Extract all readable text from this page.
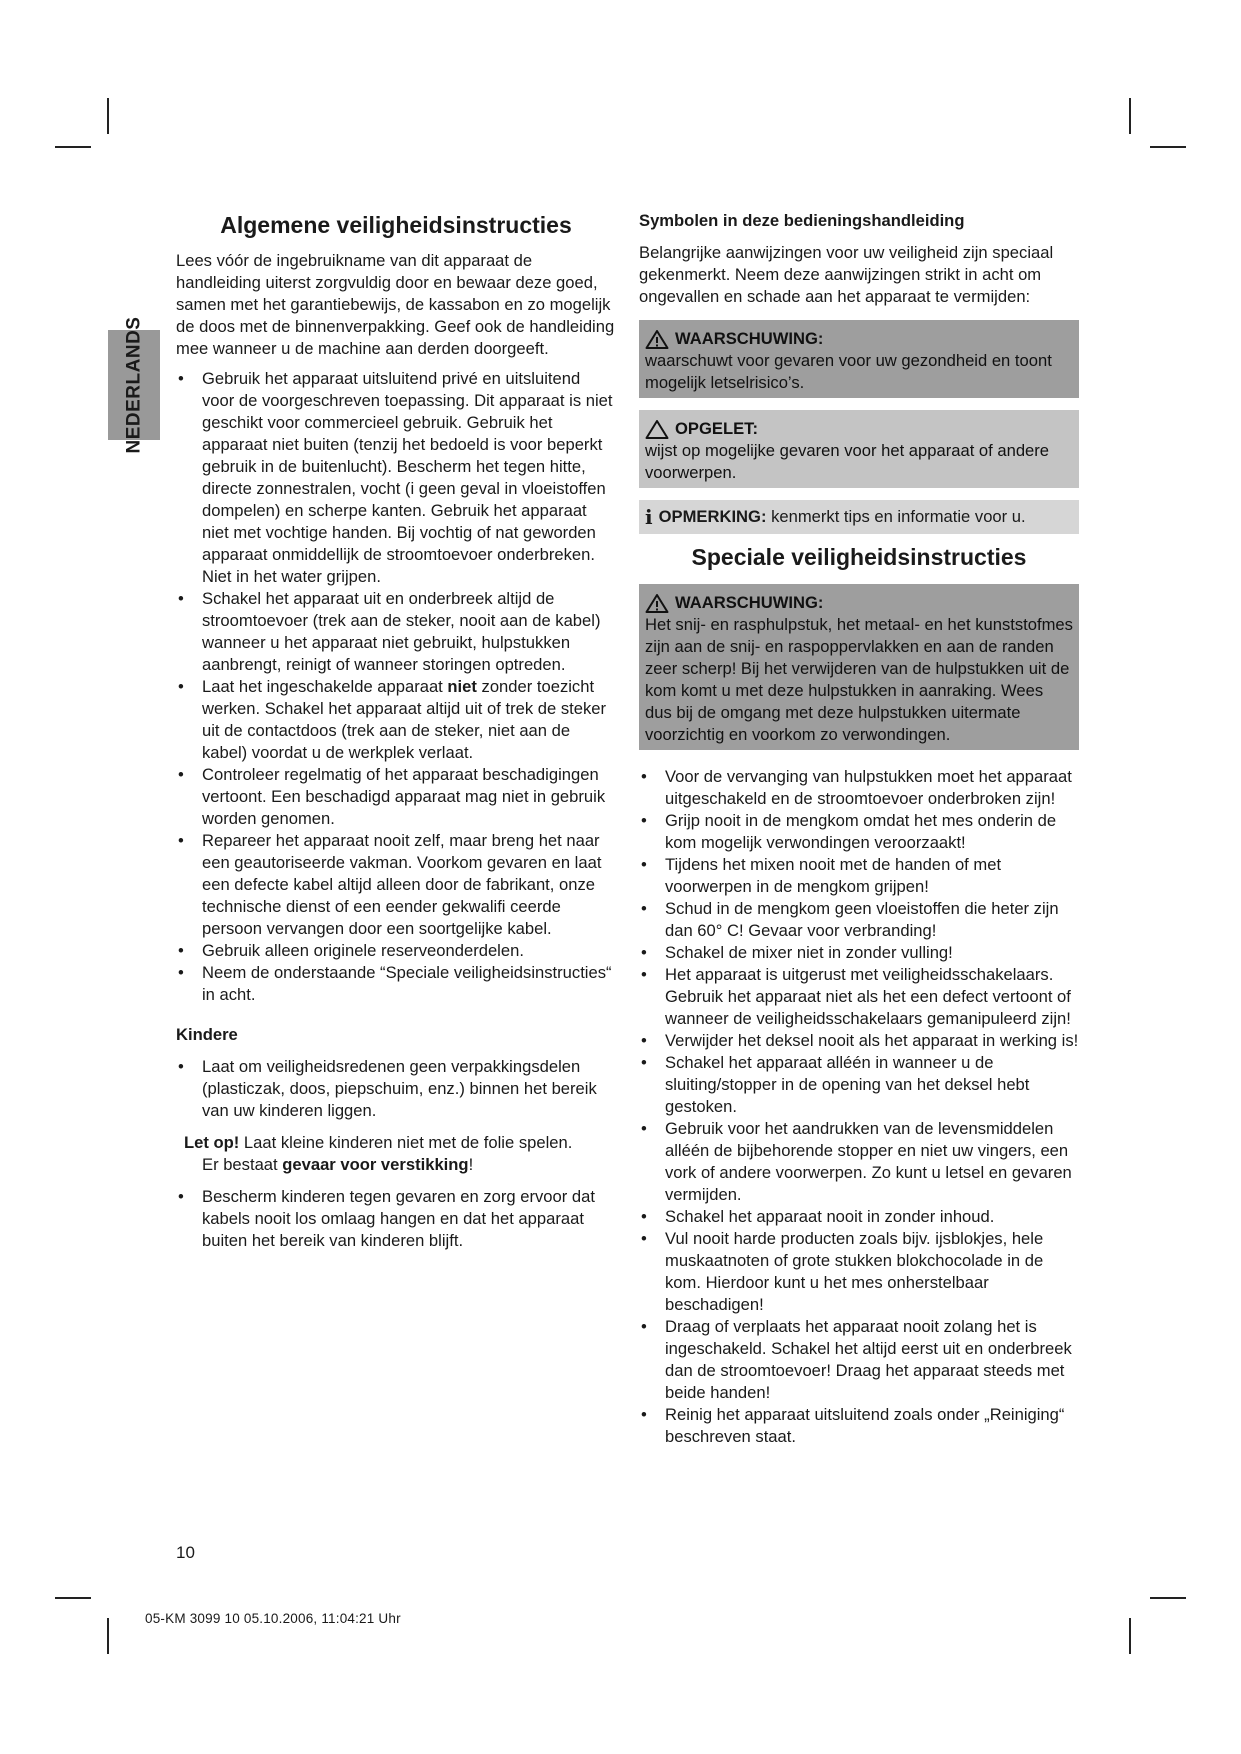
NEDERLANDS
Algemene veiligheidsinstructies

Lees vóór de ingebruikname van dit apparaat de handleiding uiterst zorgvuldig door en bewaar deze goed, samen met het garantiebewijs, de kassabon en zo mogelijk de doos met de binnenverpakking. Geef ook de handleiding mee wanneer u de machine aan derden doorgeeft.

• Gebruik het apparaat uitsluitend privé en uitsluitend voor de voorgeschreven toepassing. Dit apparaat is niet geschikt voor commercieel gebruik. Gebruik het apparaat niet buiten (tenzij het bedoeld is voor beperkt gebruik in de buitenlucht). Bescherm het tegen hitte, directe zonnestralen, vocht (i geen geval in vloeistoffen dompelen) en scherpe kanten. Gebruik het apparaat niet met vochtige handen. Bij vochtig of nat geworden apparaat onmiddellijk de stroomtoevoer onderbreken. Niet in het water grijpen.
• Schakel het apparaat uit en onderbreek altijd de stroomtoevoer (trek aan de steker, nooit aan de kabel) wanneer u het apparaat niet gebruikt, hulpstukken aanbrengt, reinigt of wanneer storingen optreden.
• Laat het ingeschakelde apparaat niet zonder toezicht werken. Schakel het apparaat altijd uit of trek de steker uit de contactdoos (trek aan de steker, niet aan de kabel) voordat u de werkplek verlaat.
• Controleer regelmatig of het apparaat beschadigingen vertoont. Een beschadigd apparaat mag niet in gebruik worden genomen.
• Repareer het apparaat nooit zelf, maar breng het naar een geautoriseerde vakman. Voorkom gevaren en laat een defecte kabel altijd alleen door de fabrikant, onze technische dienst of een eender gekwalifi ceerde persoon vervangen door een soortgelijke kabel.
• Gebruik alleen originele reserveonderdelen.
• Neem de onderstaande “Speciale veiligheidsinstructies“ in acht.
Kindere
• Laat om veiligheidsredenen geen verpakkingsdelen (plasticzak, doos, piepschuim, enz.) binnen het bereik van uw kinderen liggen.
Let op! Laat kleine kinderen niet met de folie spelen.
Er bestaat gevaar voor verstikking!
• Bescherm kinderen tegen gevaren en zorg ervoor dat kabels nooit los omlaag hangen en dat het apparaat buiten het bereik van kinderen blijft.
Symbolen in deze bedieningshandleiding

Belangrijke aanwijzingen voor uw veiligheid zijn speciaal gekenmerkt. Neem deze aanwijzingen strikt in acht om ongevallen en schade aan het apparaat te vermijden:

WAARSCHUWING:
waarschuwt voor gevaren voor uw gezondheid en toont mogelijk letselrisico’s.
OPGELET:
wijst op mogelijke gevaren voor het apparaat of andere voorwerpen.
i OPMERKING: kenmerkt tips en informatie voor u.
Speciale veiligheidsinstructies
WAARSCHUWING:
Het snij- en rasphulpstuk, het metaal- en het kunststofmes zijn aan de snij- en raspoppervlakken en aan de randen zeer scherp! Bij het verwijderen van de hulpstukken uit de kom komt u met deze hulpstukken in aanraking. Wees dus bij de omgang met deze hulpstukken uitermate voorzichtig en voorkom zo verwondingen.
• Voor de vervanging van hulpstukken moet het apparaat uitgeschakeld en de stroomtoevoer onderbroken zijn!
• Grijp nooit in de mengkom omdat het mes onderin de kom mogelijk verwondingen veroorzaakt!
• Tijdens het mixen nooit met de handen of met voorwerpen in de mengkom grijpen!
• Schud in de mengkom geen vloeistoffen die heter zijn dan 60° C! Gevaar voor verbranding!
• Schakel de mixer niet in zonder vulling!
• Het apparaat is uitgerust met veiligheidsschakelaars. Gebruik het apparaat niet als het een defect vertoont of wanneer de veiligheidsschakelaars gemanipuleerd zijn!
• Verwijder het deksel nooit als het apparaat in werking is!
• Schakel het apparaat alléén in wanneer u de sluiting/stopper in de opening van het deksel hebt gestoken.
• Gebruik voor het aandrukken van de levensmiddelen alléén de bijbehorende stopper en niet uw vingers, een vork of andere voorwerpen. Zo kunt u letsel en gevaren vermijden.
• Schakel het apparaat nooit in zonder inhoud.
• Vul nooit harde producten zoals bijv. ijsblokjes, hele muskaatnoten of grote stukken blokchocolade in de kom. Hierdoor kunt u het mes onherstelbaar beschadigen!
• Draag of verplaats het apparaat nooit zolang het is ingeschakeld. Schakel het altijd eerst uit en onderbreek dan de stroomtoevoer! Draag het apparaat steeds met beide handen!
• Reinig het apparaat uitsluitend zoals onder „Reiniging“ beschreven staat.
10
05-KM 3099 10 05.10.2006, 11:04:21 Uhr
